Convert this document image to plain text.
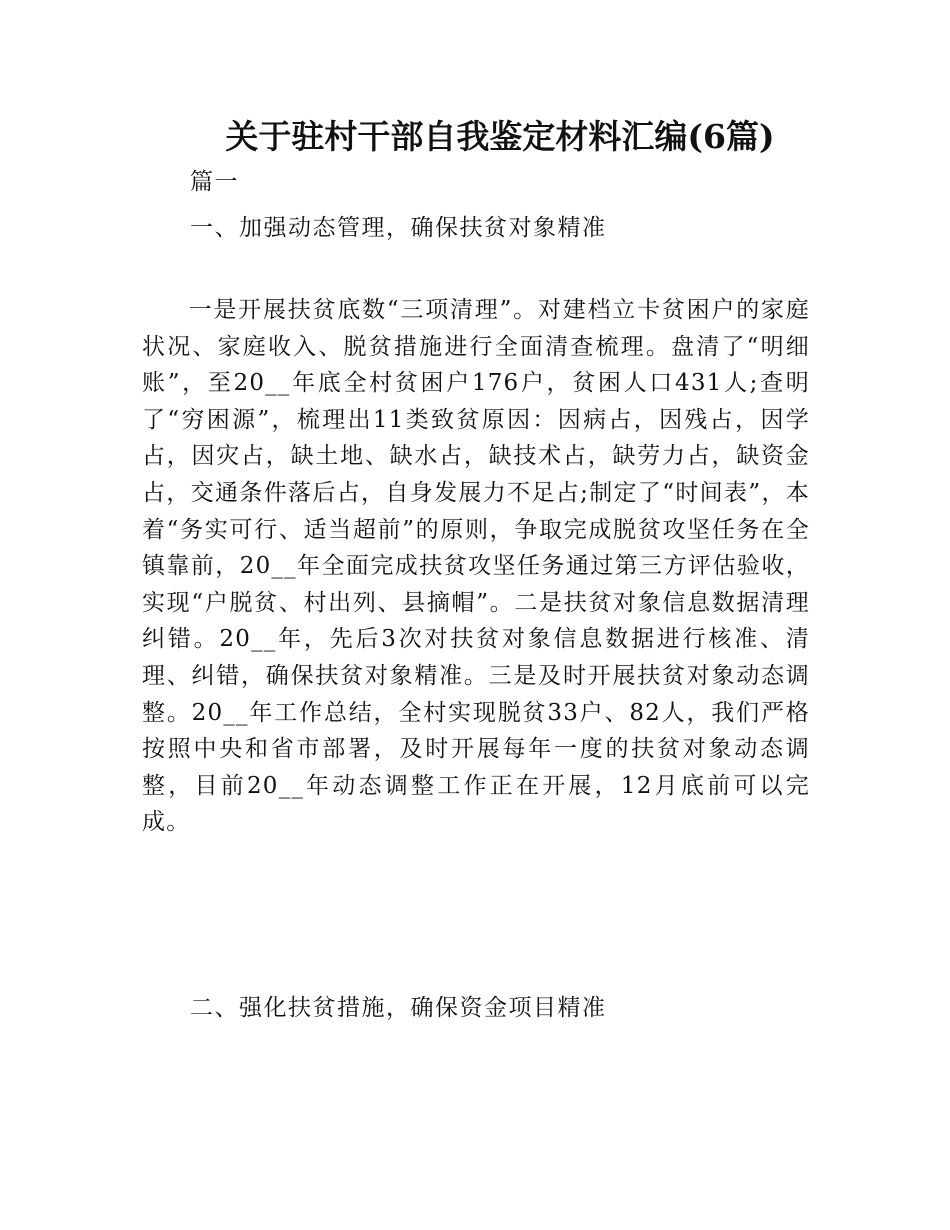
关于驻村干部自我鉴定材料汇编(6篇)
篇一
一、加强动态管理，确保扶贫对象精准
一是开展扶贫底数“三项清理”。对建档立卡贫困户的家庭状况、家庭收入、脱贫措施进行全面清查梳理。盘清了“明细账”，至20__年底全村贫困户176户，贫困人口431人;查明了“穷困源”，梳理出11类致贫原因：因病占，因残占，因学占，因灾占，缺土地、缺水占，缺技术占，缺劳力占，缺资金占，交通条件落后占，自身发展力不足占;制定了“时间表”，本着“务实可行、适当超前”的原则，争取完成脱贫攻坚任务在全镇靠前，20__年全面完成扶贫攻坚任务通过第三方评估验收，实现“户脱贫、村出列、县摘帽”。二是扶贫对象信息数据清理纠错。20__年，先后3次对扶贫对象信息数据进行核准、清理、纠错，确保扶贫对象精准。三是及时开展扶贫对象动态调整。20__年工作总结，全村实现脱贫33户、82人，我们严格按照中央和省市部署，及时开展每年一度的扶贫对象动态调整，目前20__年动态调整工作正在开展，12月底前可以完成。
二、强化扶贫措施，确保资金项目精准
